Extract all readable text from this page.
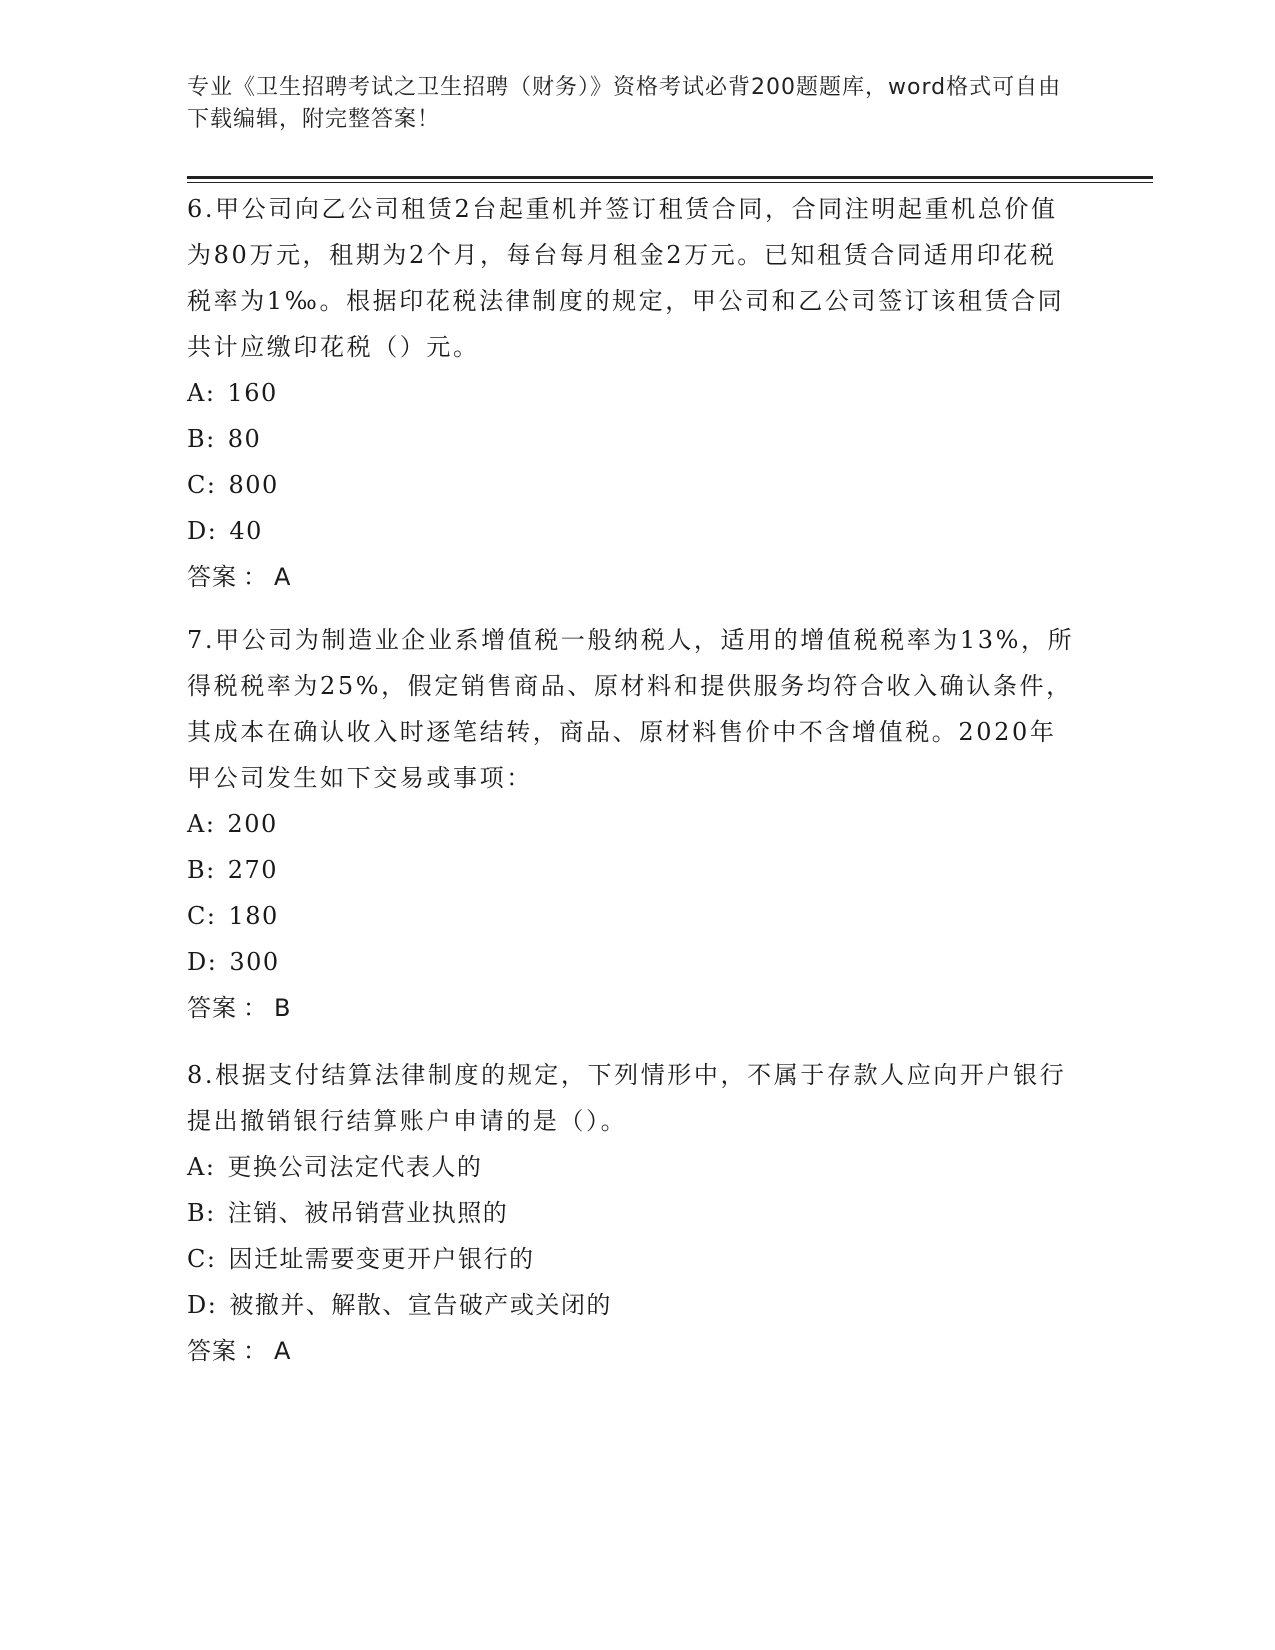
专业《卫生招聘考试之卫生招聘（财务）》资格考试必背200题题库，word格式可自由下载编辑，附完整答案！

6.甲公司向乙公司租赁2台起重机并签订租赁合同，合同注明起重机总价值为80万元，租期为2个月，每台每月租金2万元。已知租赁合同适用印花税税率为1‰。根据印花税法律制度的规定，甲公司和乙公司签订该租赁合同共计应缴印花税（）元。

A: 160

B: 80

C: 800

D: 40

答案 ： A

7.甲公司为制造业企业系增值税一般纳税人，适用的增值税税率为13%，所得税税率为25%，假定销售商品、原材料和提供服务均符合收入确认条件，其成本在确认收入时逐笔结转，商品、原材料售价中不含增值税。2020年甲公司发生如下交易或事项：

A: 200

B: 270

C: 180

D: 300

答案 ： B

8.根据支付结算法律制度的规定，下列情形中，不属于存款人应向开户银行提出撤销银行结算账户申请的是（）。

A: 更换公司法定代表人的

B: 注销、被吊销营业执照的

C: 因迁址需要变更开户银行的

D: 被撤并、解散、宣告破产或关闭的

答案 ： A
